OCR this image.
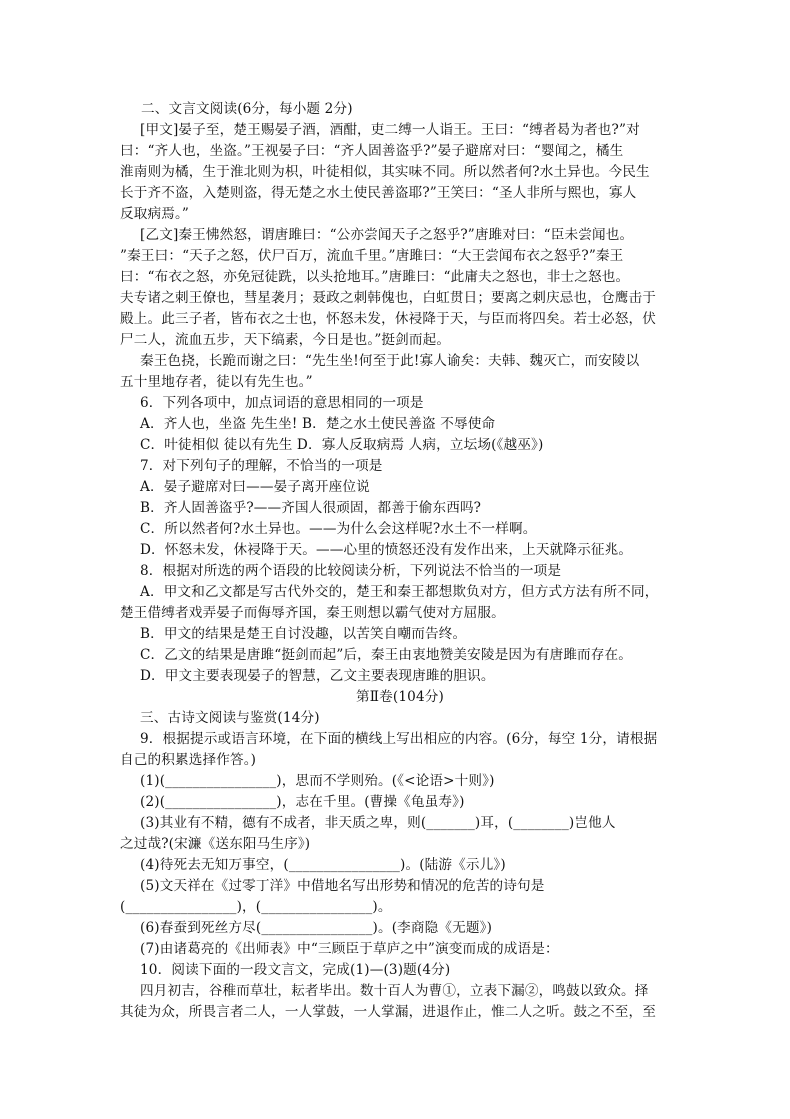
二、文言文阅读(6分，每小题 2分)
[甲文]晏子至，楚王赐晏子酒，酒酣，吏二缚一人诣王。王曰：“缚者曷为者也?”对
曰：“齐人也，坐盗。”王视晏子曰：“齐人固善盗乎?”晏子避席对曰：“婴闻之，橘生
淮南则为橘，生于淮北则为枳，叶徒相似，其实味不同。所以然者何?水土异也。今民生
长于齐不盗，入楚则盗，得无楚之水土使民善盗耶?”王笑曰：“圣人非所与熙也，寡人
反取病焉。”
[乙文]秦王怫然怒，谓唐雎曰：“公亦尝闻天子之怒乎?”唐雎对曰：“臣未尝闻也。
”秦王曰：“天子之怒，伏尸百万，流血千里。”唐雎曰：“大王尝闻布衣之怒乎?”秦王
曰：“布衣之怒，亦免冠徒跣，以头抢地耳。”唐雎曰：“此庸夫之怒也，非士之怒也。
夫专诸之刺王僚也，彗星袭月；聂政之刺韩傀也，白虹贯日；要离之刺庆忌也，仓鹰击于
殿上。此三子者，皆布衣之士也，怀怒未发，休祲降于天，与臣而将四矣。若士必怒，伏
尸二人，流血五步，天下缟素，今日是也。”挺剑而起。
秦王色挠，长跪而谢之曰：“先生坐!何至于此!寡人谕矣：夫韩、魏灭亡，而安陵以
五十里地存者，徒以有先生也。”
6．下列各项中，加点词语的意思相同的一项是
A．齐人也，坐盗 先生坐! B．楚之水土使民善盗 不辱使命
C．叶徒相似 徒以有先生 D．寡人反取病焉 人病，立坛场(《越巫》)
7．对下列句子的理解，不恰当的一项是
A．晏子避席对曰——晏子离开座位说
B．齐人固善盗乎?——齐国人很顽固，都善于偷东西吗?
C．所以然者何?水土异也。——为什么会这样呢?水土不一样啊。
D．怀怒未发，休祲降于天。——心里的愤怒还没有发作出来，上天就降示征兆。
8．根据对所选的两个语段的比较阅读分析，下列说法不恰当的一项是
A．甲文和乙文都是写古代外交的，楚王和秦王都想欺负对方，但方式方法有所不同，
楚王借缚者戏弄晏子而侮辱齐国，秦王则想以霸气使对方屈服。
B．甲文的结果是楚王自讨没趣，以苦笑自嘲而告终。
C．乙文的结果是唐雎“挺剑而起”后，秦王由衷地赞美安陵是因为有唐雎而存在。
D．甲文主要表现晏子的智慧，乙文主要表现唐雎的胆识。
第Ⅱ卷(104分)
三、古诗文阅读与鉴赏(14分)
9．根据提示或语言环境，在下面的横线上写出相应的内容。(6分，每空 1分，请根据
自己的积累选择作答。)
(1)(________________)，思而不学则殆。(《<论语>十则》)
(2)(________________)，志在千里。(曹操《龟虽寿》)
(3)其业有不精，德有不成者，非天质之卑，则(_______)耳，(________)岂他人
之过哉?(宋濂《送东阳马生序》)
(4)待死去无知万事空，(________________)。(陆游《示儿》)
(5)文天祥在《过零丁洋》中借地名写出形势和情况的危苦的诗句是
(________________)，(________________)。
(6)春蚕到死丝方尽(________________)。(李商隐《无题》)
(7)由诸葛亮的《出师表》中“三顾臣于草庐之中”演变而成的成语是：
10．阅读下面的一段文言文，完成(1)—(3)题(4分)
四月初吉，谷稚而草壮，耘者毕出。数十百人为曹①，立表下漏②，鸣鼓以致众。择
其徒为众，所畏言者二人，一人掌鼓，一人掌漏，进退作止，惟二人之听。鼓之不至，至
